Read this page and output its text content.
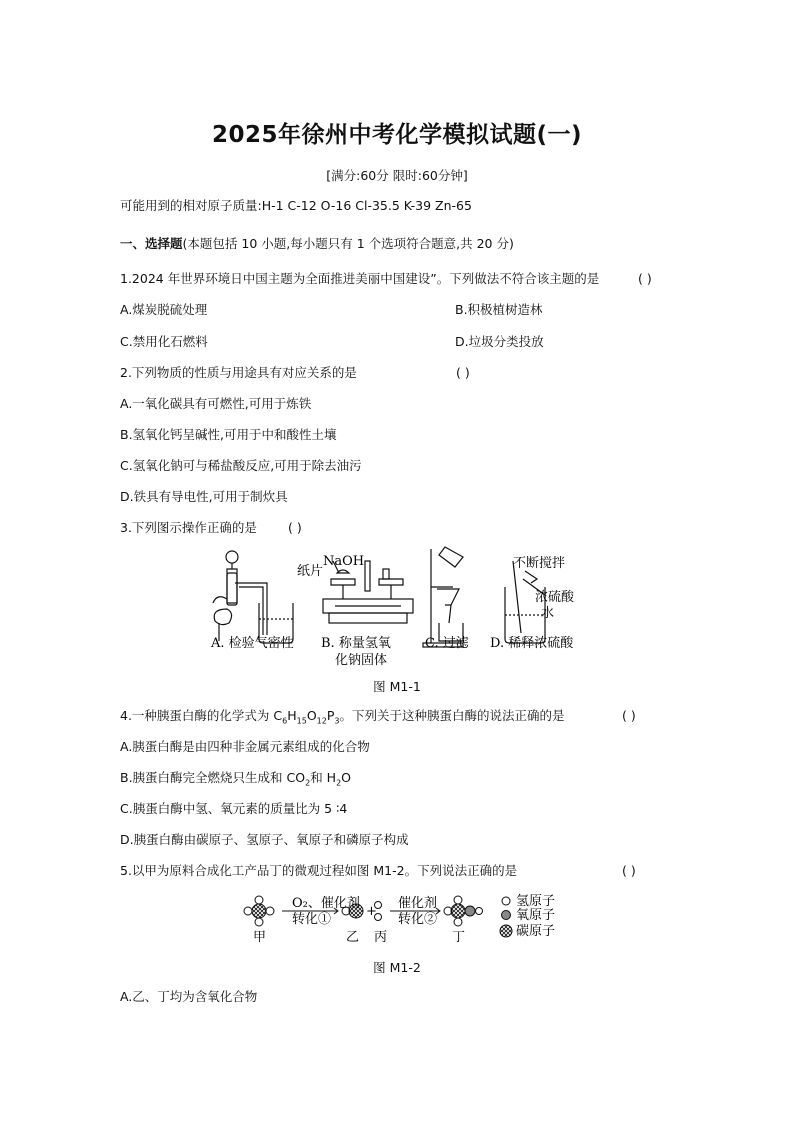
2025年徐州中考化学模拟试题(一)
[满分:60分 限时:60分钟]
可能用到的相对原子质量:H-1 C-12 O-16 Cl-35.5 K-39 Zn-65
一、选择题(本题包括 10 小题,每小题只有 1 个选项符合题意,共 20 分)
1.2024 年世界环境日中国主题为全面推进美丽中国建设”。下列做法不符合该主题的是	( )
A.煤炭脱硫处理	B.积极植树造林
C.禁用化石燃料	D.垃圾分类投放
2.下列物质的性质与用途具有对应关系的是	( )
A.一氧化碳具有可燃性,可用于炼铁
B.氢氧化钙呈碱性,可用于中和酸性土壤
C.氢氧化钠可与稀盐酸反应,可用于除去油污
D.铁具有导电性,可用于制炊具
3.下列图示操作正确的是 ( )
NaOH
纸片
不断搅拌
浓硫酸
水
A. 检验气密性 B. 称量氢氧
化钠固体
C. 过滤 D. 稀释浓硫酸
图 M1-1
4.一种胰蛋白酶的化学式为 $C_6H_{15}O_{12}P_3$。下列关于这种胰蛋白酶的说法正确的是	( )
A.胰蛋白酶是由四种非金属元素组成的化合物
B.胰蛋白酶完全燃烧只生成和 $CO_2$和 $H_2O$
C.胰蛋白酶中氢、氧元素的质量比为 5 ∶4
D.胰蛋白酶由碳原子、氢原子、氧原子和磷原子构成
5.以甲为原料合成化工产品丁的微观过程如图 M1-2。下列说法正确的是	( )
O₂、催化剂
转化①
+
催化剂
转化②
甲	乙 丙	丁
氢原子
氧原子
碳原子
图 M1-2
A.乙、丁均为含氧化合物
